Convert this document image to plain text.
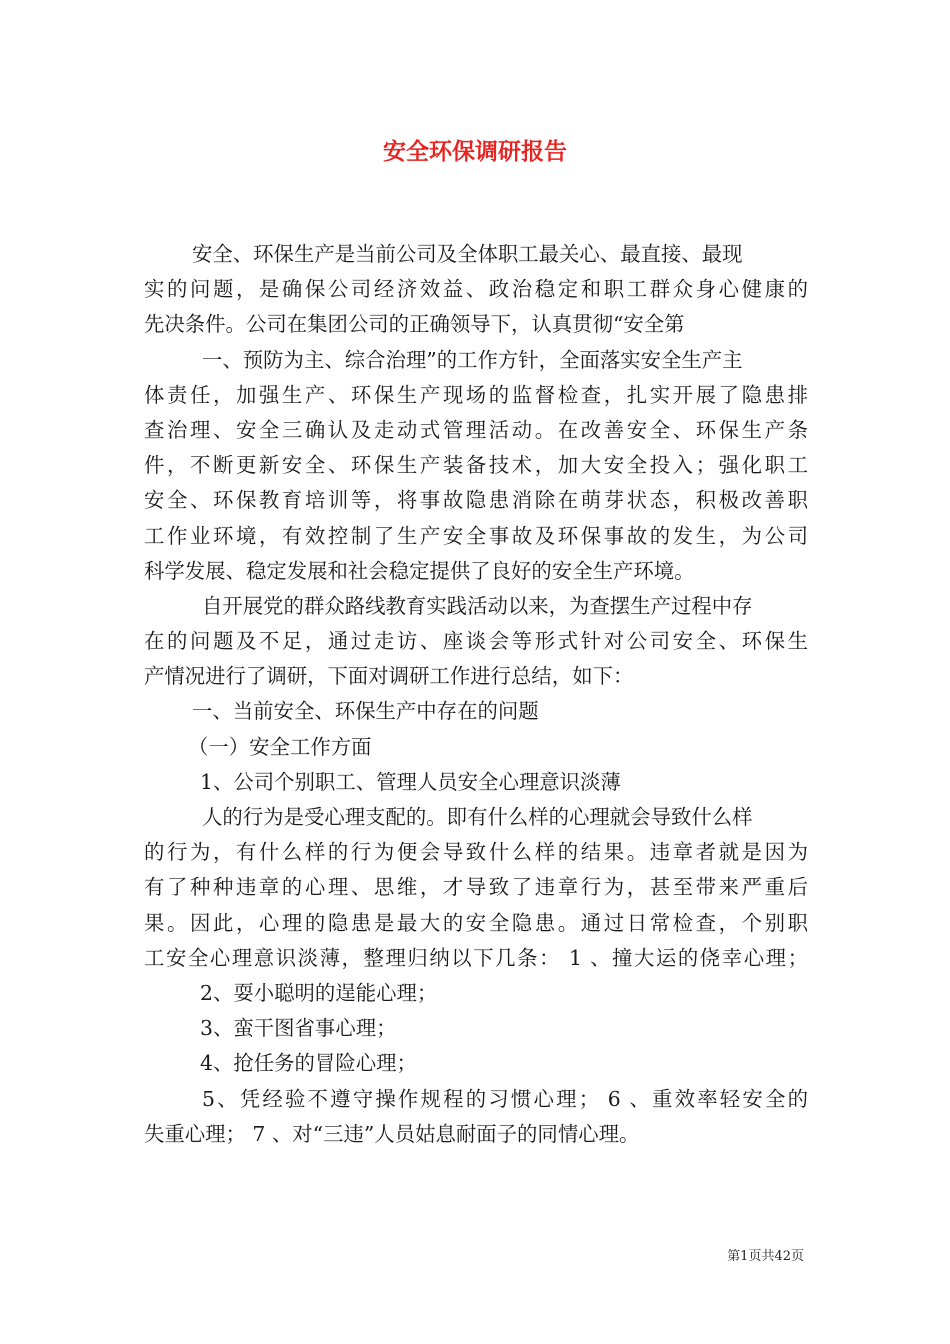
安全环保调研报告
安全、环保生产是当前公司及全体职工最关心、最直接、最现
实的问题，是确保公司经济效益、政治稳定和职工群众身心健康的
先决条件。公司在集团公司的正确领导下，认真贯彻“安全第
一、预防为主、综合治理”的工作方针，全面落实安全生产主
体责任，加强生产、环保生产现场的监督检查，扎实开展了隐患排
查治理、安全三确认及走动式管理活动。在改善安全、环保生产条
件，不断更新安全、环保生产装备技术，加大安全投入；强化职工
安全、环保教育培训等，将事故隐患消除在萌芽状态，积极改善职
工作业环境，有效控制了生产安全事故及环保事故的发生，为公司
科学发展、稳定发展和社会稳定提供了良好的安全生产环境。
自开展党的群众路线教育实践活动以来，为查摆生产过程中存
在的问题及不足，通过走访、座谈会等形式针对公司安全、环保生
产情况进行了调研，下面对调研工作进行总结，如下：
一、当前安全、环保生产中存在的问题
（一）安全工作方面
1、公司个别职工、管理人员安全心理意识淡薄
人的行为是受心理支配的。即有什么样的心理就会导致什么样
的行为，有什么样的行为便会导致什么样的结果。违章者就是因为
有了种种违章的心理、思维，才导致了违章行为，甚至带来严重后
果。因此，心理的隐患是最大的安全隐患。通过日常检查，个别职
工安全心理意识淡薄，整理归纳以下几条： 1 、撞大运的侥幸心理；
2、耍小聪明的逞能心理；
3、蛮干图省事心理；
4、抢任务的冒险心理；
5、凭经验不遵守操作规程的习惯心理； 6 、重效率轻安全的
失重心理； 7 、对“三违”人员姑息耐面子的同情心理。
第1页共42页
